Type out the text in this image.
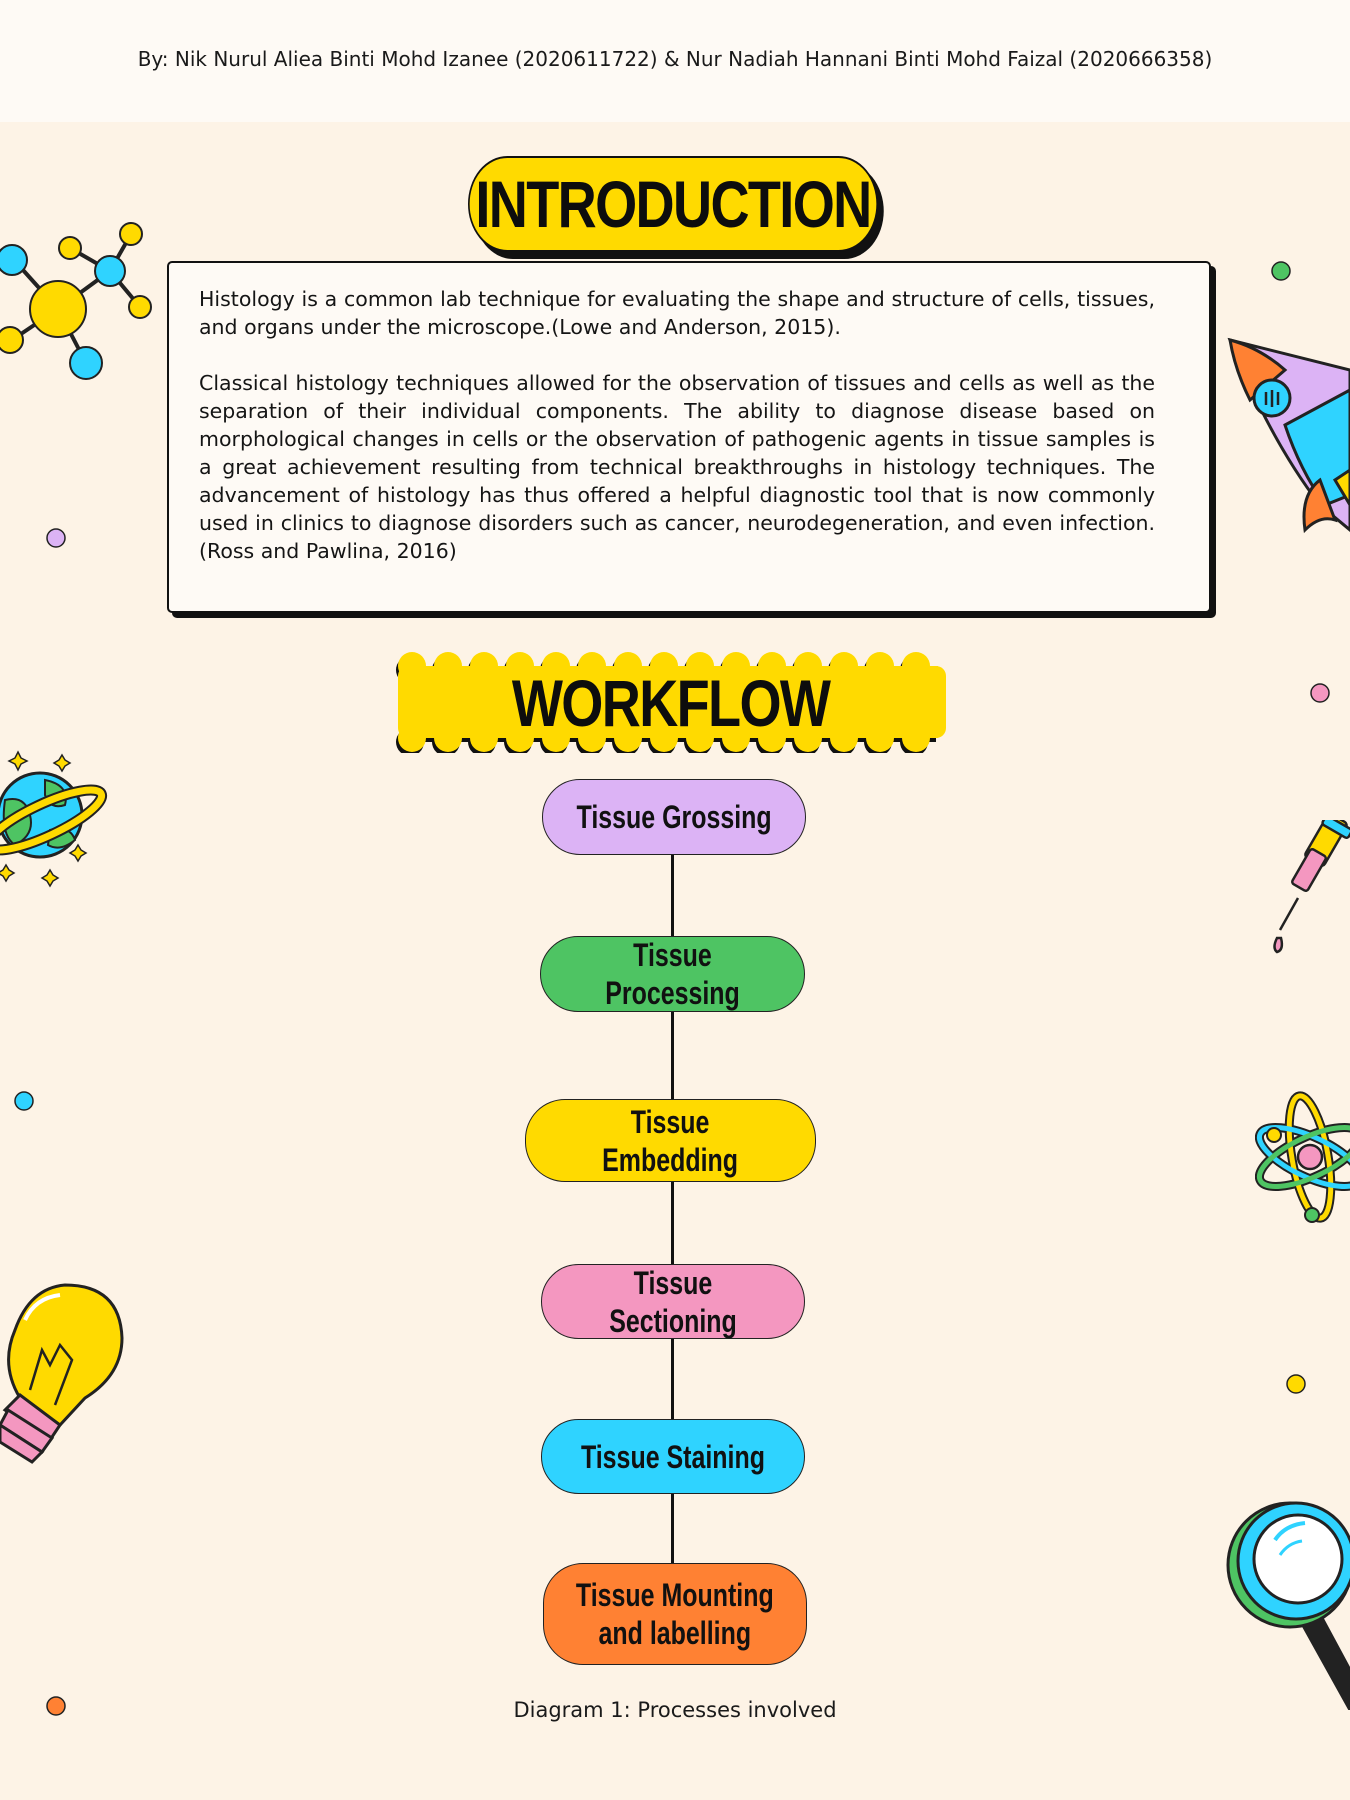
By: Nik Nurul Aliea Binti Mohd Izanee (2020611722) & Nur Nadiah Hannani Binti Mohd Faizal (2020666358)
INTRODUCTION

Histology is a common lab technique for evaluating the shape and structure of cells, tissues, and organs under the microscope.(Lowe and Anderson, 2015).

Classical histology techniques allowed for the observation of tissues and cells as well as the separation of their individual components. The ability to diagnose disease based on morphological changes in cells or the observation of pathogenic agents in tissue samples is a great achievement resulting from technical breakthroughs in histology techniques. The advancement of histology has thus offered a helpful diagnostic tool that is now commonly used in clinics to diagnose disorders such as cancer, neurodegeneration, and even infection.(Ross and Pawlina, 2016)

WORKFLOW
Tissue Grossing
Tissue Processing
Tissue
Embedding
Tissue Sectioning
Tissue Staining
Tissue Mounting
and labelling
Diagram 1: Processes involved
